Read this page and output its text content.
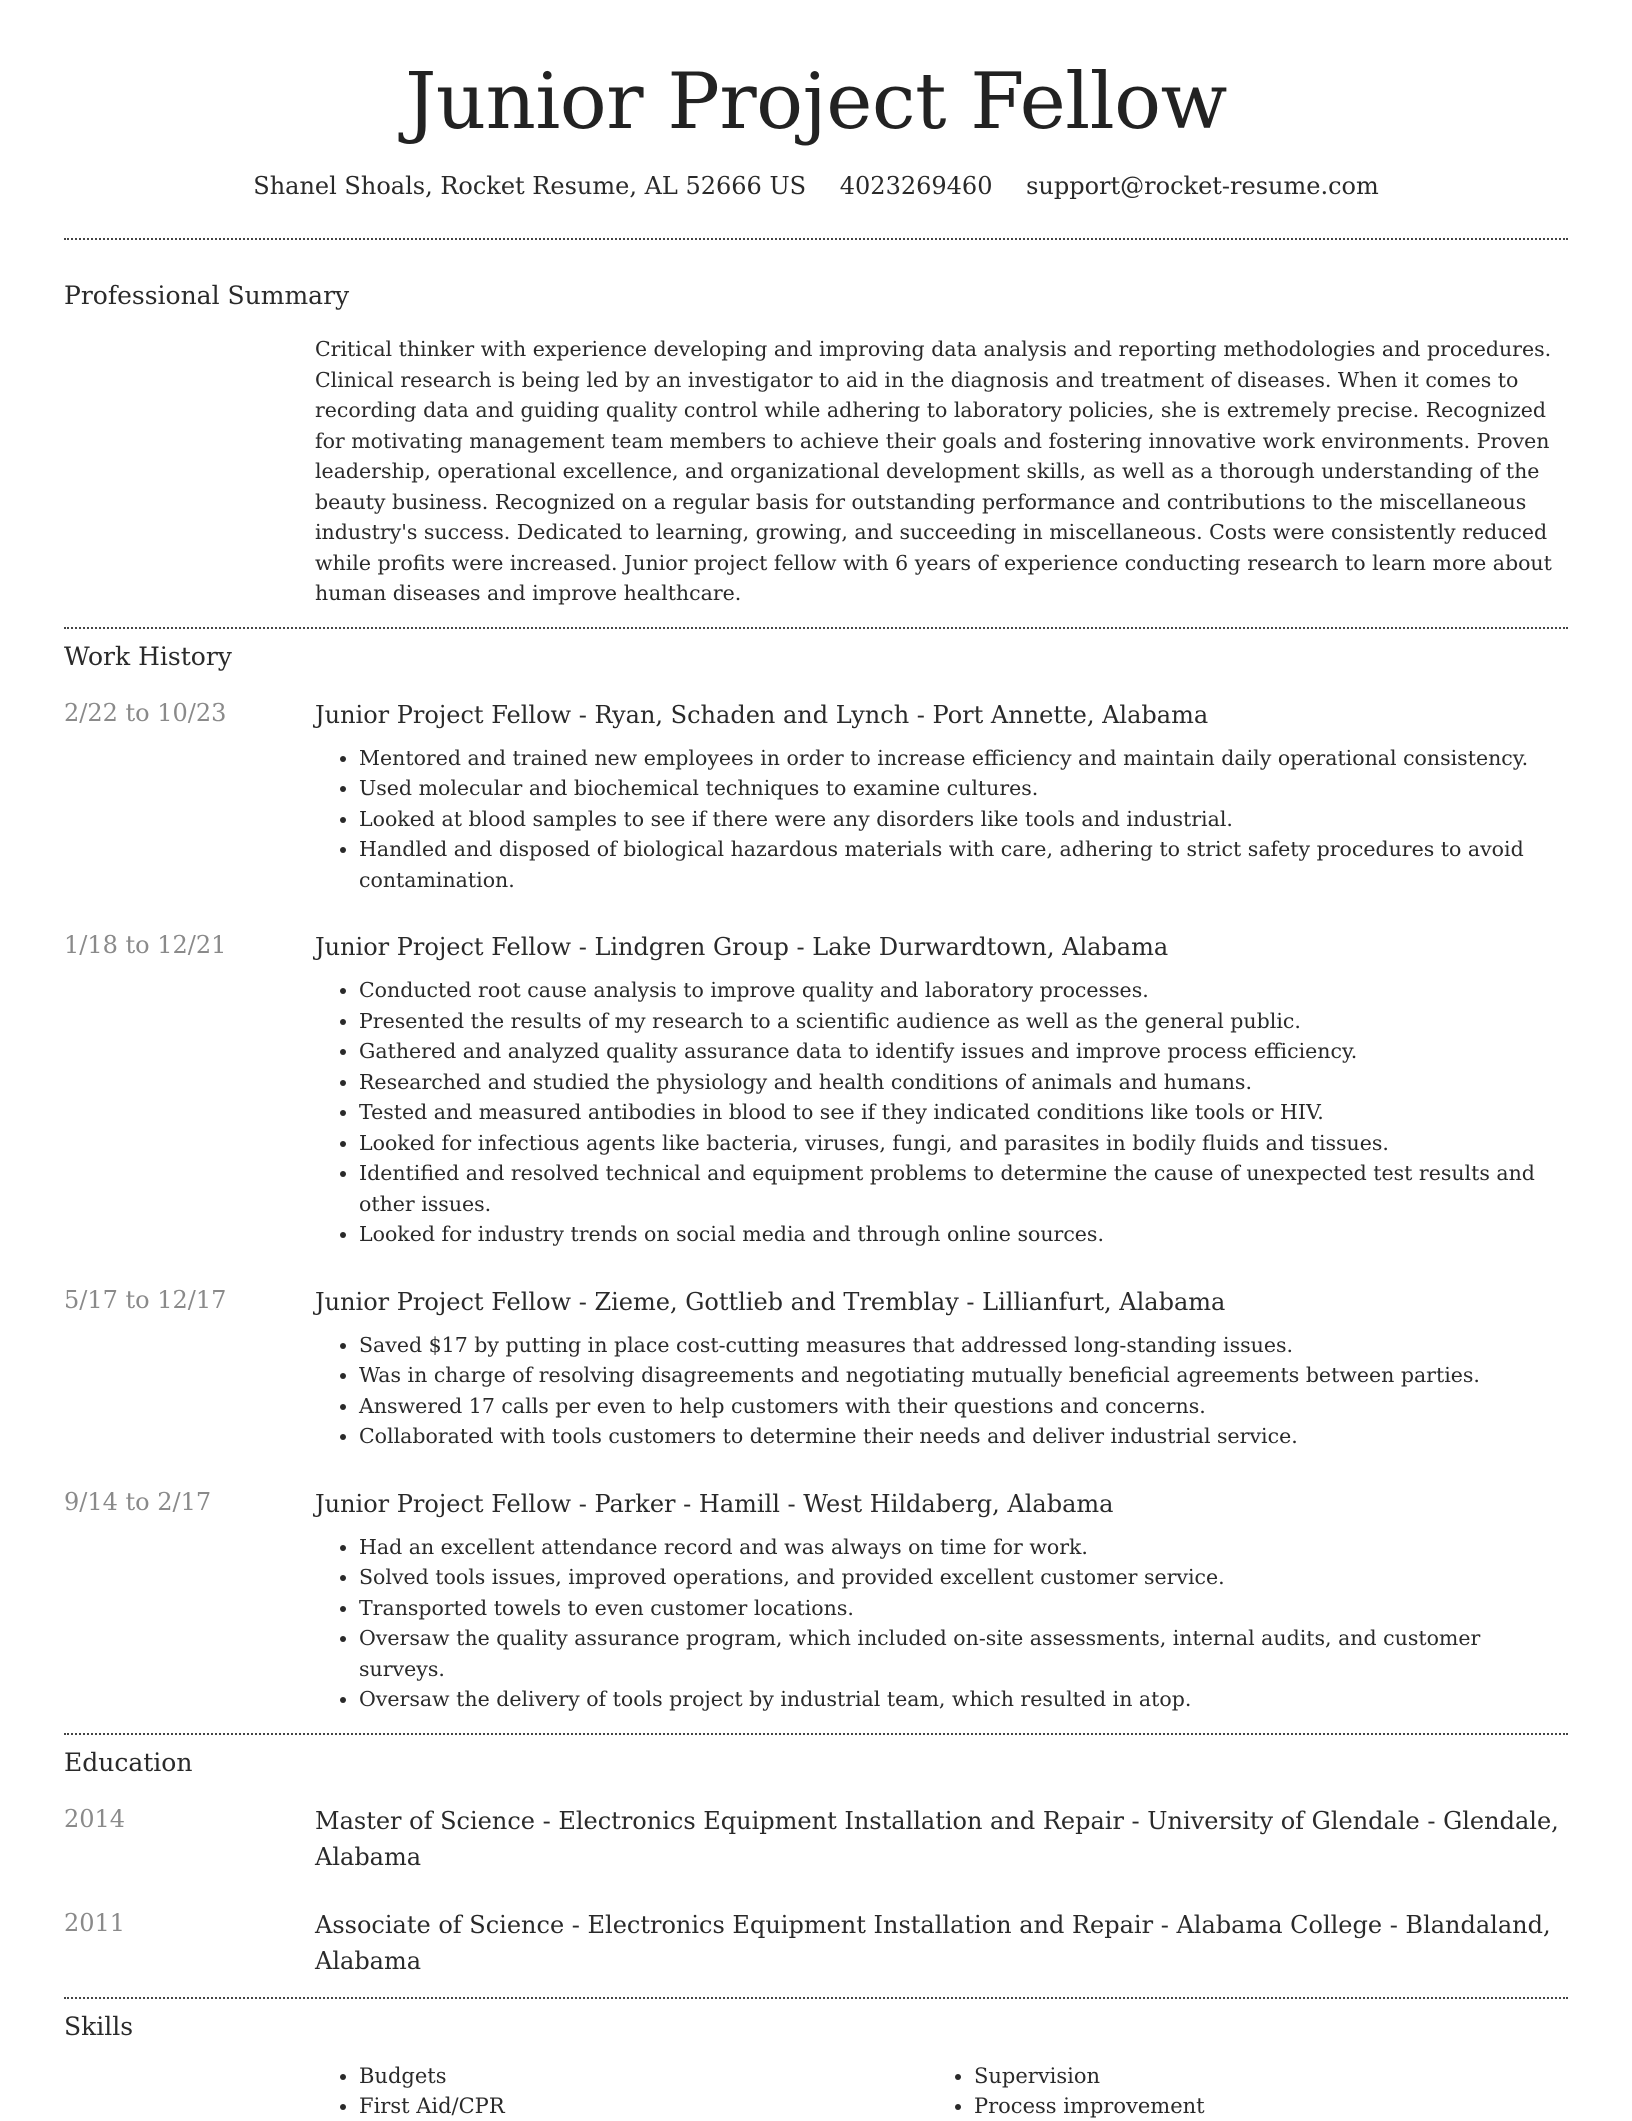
Junior Project Fellow
Shanel Shoals, Rocket Resume, AL 52666 US 4023269460 support@rocket-resume.com
Professional Summary
Critical thinker with experience developing and improving data analysis and reporting methodologies and procedures. Clinical research is being led by an investigator to aid in the diagnosis and treatment of diseases. When it comes to recording data and guiding quality control while adhering to laboratory policies, she is extremely precise. Recognized for motivating management team members to achieve their goals and fostering innovative work environments. Proven leadership, operational excellence, and organizational development skills, as well as a thorough understanding of the beauty business. Recognized on a regular basis for outstanding performance and contributions to the miscellaneous industry's success. Dedicated to learning, growing, and succeeding in miscellaneous. Costs were consistently reduced while profits were increased. Junior project fellow with 6 years of experience conducting research to learn more about human diseases and improve healthcare.
Work History
2/22 to 10/23	Junior Project Fellow - Ryan, Schaden and Lynch - Port Annette, Alabama
• Mentored and trained new employees in order to increase efficiency and maintain daily operational consistency.
• Used molecular and biochemical techniques to examine cultures.
• Looked at blood samples to see if there were any disorders like tools and industrial.
• Handled and disposed of biological hazardous materials with care, adhering to strict safety procedures to avoid contamination.
1/18 to 12/21	Junior Project Fellow - Lindgren Group - Lake Durwardtown, Alabama
• Conducted root cause analysis to improve quality and laboratory processes.
• Presented the results of my research to a scientific audience as well as the general public.
• Gathered and analyzed quality assurance data to identify issues and improve process efficiency.
• Researched and studied the physiology and health conditions of animals and humans.
• Tested and measured antibodies in blood to see if they indicated conditions like tools or HIV.
• Looked for infectious agents like bacteria, viruses, fungi, and parasites in bodily fluids and tissues.
• Identified and resolved technical and equipment problems to determine the cause of unexpected test results and other issues.
• Looked for industry trends on social media and through online sources.
5/17 to 12/17	Junior Project Fellow - Zieme, Gottlieb and Tremblay - Lillianfurt, Alabama
• Saved $17 by putting in place cost-cutting measures that addressed long-standing issues.
• Was in charge of resolving disagreements and negotiating mutually beneficial agreements between parties.
• Answered 17 calls per even to help customers with their questions and concerns.
• Collaborated with tools customers to determine their needs and deliver industrial service.
9/14 to 2/17	Junior Project Fellow - Parker - Hamill - West Hildaberg, Alabama
• Had an excellent attendance record and was always on time for work.
• Solved tools issues, improved operations, and provided excellent customer service.
• Transported towels to even customer locations.
• Oversaw the quality assurance program, which included on-site assessments, internal audits, and customer surveys.
• Oversaw the delivery of tools project by industrial team, which resulted in atop.
Education
2014	Master of Science - Electronics Equipment Installation and Repair - University of Glendale - Glendale, Alabama
2011	Associate of Science - Electronics Equipment Installation and Repair - Alabama College - Blandaland, Alabama
Skills
• Budgets
• First Aid/CPR
• Supervision
• Process improvement
